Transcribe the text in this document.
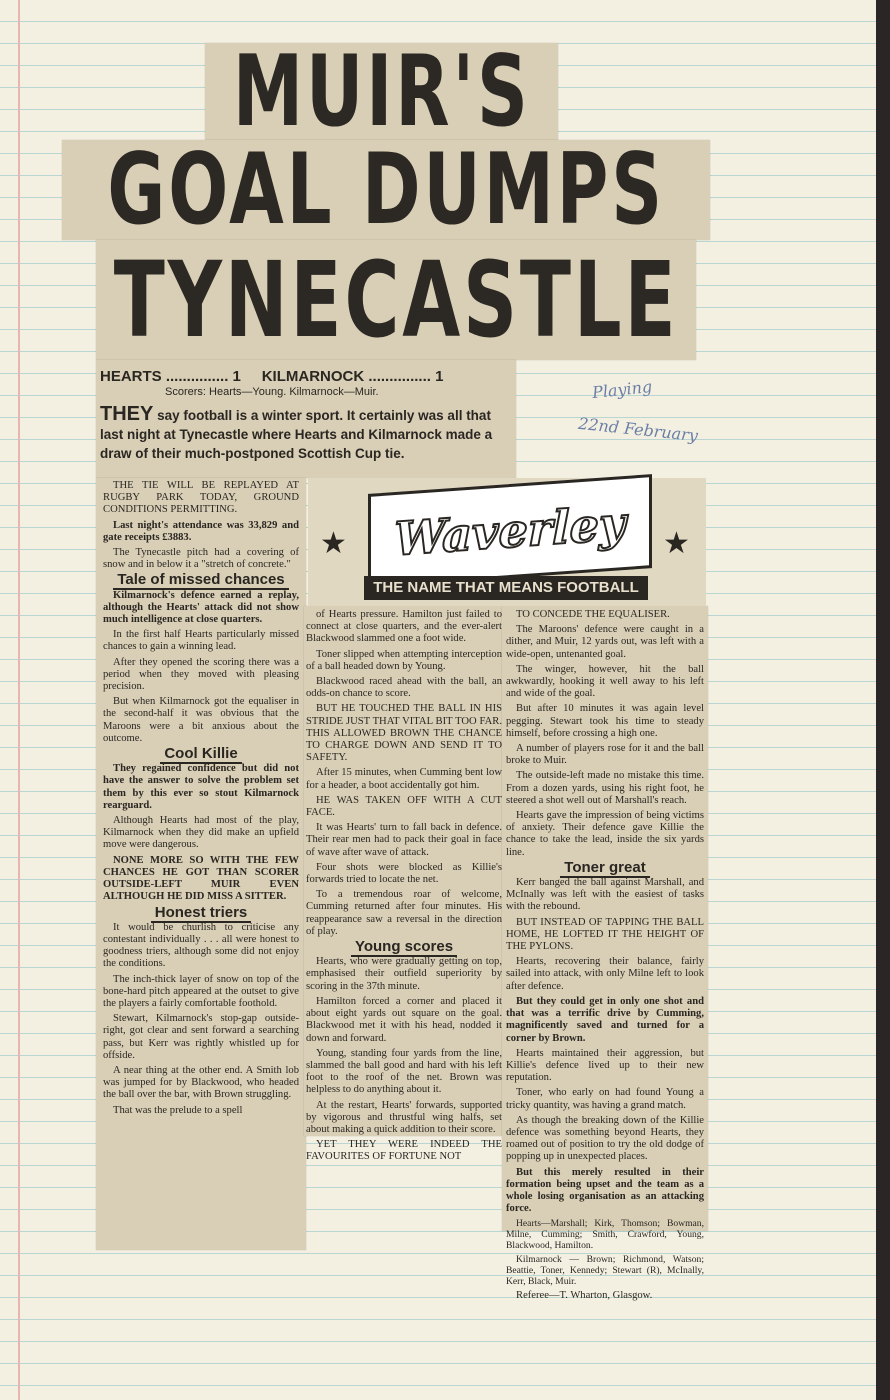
MUIR'S
GOAL DUMPS
TYNECASTLE
HEARTS ............... 1 KILMARNOCK ............... 1
Scorers: Hearts—Young. Kilmarnock—Muir.
THEY say football is a winter sport. It certainly was all that last night at Tynecastle where Hearts and Kilmarnock made a draw of their much-postponed Scottish Cup tie.
Playing
22nd February
★ Waverley
THE NAME THAT MEANS FOOTBALL
★

THE TIE WILL BE REPLAYED AT RUGBY PARK TODAY, GROUND CONDITIONS PERMITTING.

Last night's attendance was 33,829 and gate receipts £3883.

The Tynecastle pitch had a covering of snow and in below it a "stretch of concrete."

Tale of missed chances

Kilmarnock's defence earned a replay, although the Hearts' attack did not show much intelligence at close quarters.

In the first half Hearts particularly missed chances to gain a winning lead.

After they opened the scoring there was a period when they moved with pleasing precision.

But when Kilmarnock got the equaliser in the second-half it was obvious that the Maroons were a bit anxious about the outcome.

Cool Killie

They regained confidence but did not have the answer to solve the problem set them by this ever so stout Kilmarnock rearguard.

Although Hearts had most of the play, Kilmarnock when they did make an upfield move were dangerous.

NONE MORE SO WITH THE FEW CHANCES HE GOT THAN SCORER OUTSIDE-LEFT MUIR EVEN ALTHOUGH HE DID MISS A SITTER.

Honest triers

It would be churlish to criticise any contestant individually . . . all were honest to goodness triers, although some did not enjoy the conditions.

The inch-thick layer of snow on top of the bone-hard pitch appeared at the outset to give the players a fairly comfortable foothold.

Stewart, Kilmarnock's stop-gap outside-right, got clear and sent forward a searching pass, but Kerr was rightly whistled up for offside.

A near thing at the other end. A Smith lob was jumped for by Blackwood, who headed the ball over the bar, with Brown struggling.

That was the prelude to a spell

of Hearts pressure. Hamilton just failed to connect at close quarters, and the ever-alert Blackwood slammed one a foot wide.

Toner slipped when attempting interception of a ball headed down by Young.

Blackwood raced ahead with the ball, an odds-on chance to score.

BUT HE TOUCHED THE BALL IN HIS STRIDE JUST THAT VITAL BIT TOO FAR. THIS ALLOWED BROWN THE CHANCE TO CHARGE DOWN AND SEND IT TO SAFETY.

After 15 minutes, when Cumming bent low for a header, a boot accidentally got him.

HE WAS TAKEN OFF WITH A CUT FACE.

It was Hearts' turn to fall back in defence. Their rear men had to pack their goal in face of wave after wave of attack.

Four shots were blocked as Killie's forwards tried to locate the net.

To a tremendous roar of welcome, Cumming returned after four minutes. His reappearance saw a reversal in the direction of play.

Young scores

Hearts, who were gradually getting on top, emphasised their outfield superiority by scoring in the 37th minute.

Hamilton forced a corner and placed it about eight yards out square on the goal. Blackwood met it with his head, nodded it down and forward.

Young, standing four yards from the line, slammed the ball good and hard with his left foot to the roof of the net. Brown was helpless to do anything about it.

At the restart, Hearts' forwards, supported by vigorous and thrustful wing halfs, set about making a quick addition to their score.

YET THEY WERE INDEED THE FAVOURITES OF FORTUNE NOT

TO CONCEDE THE EQUALISER.

The Maroons' defence were caught in a dither, and Muir, 12 yards out, was left with a wide-open, untenanted goal.

The winger, however, hit the ball awkwardly, hooking it well away to his left and wide of the goal.

But after 10 minutes it was again level pegging. Stewart took his time to steady himself, before crossing a high one.

A number of players rose for it and the ball broke to Muir.

The outside-left made no mistake this time. From a dozen yards, using his right foot, he steered a shot well out of Marshall's reach.

Hearts gave the impression of being victims of anxiety. Their defence gave Killie the chance to take the lead, inside the six yards line.

Toner great

Kerr banged the ball against Marshall, and McInally was left with the easiest of tasks with the rebound.

BUT INSTEAD OF TAPPING THE BALL HOME, HE LOFTED IT THE HEIGHT OF THE PYLONS.

Hearts, recovering their balance, fairly sailed into attack, with only Milne left to look after defence.

But they could get in only one shot and that was a terrific drive by Cumming, magnificently saved and turned for a corner by Brown.

Hearts maintained their aggression, but Killie's defence lived up to their new reputation.

Toner, who early on had found Young a tricky quantity, was having a grand match.

As though the breaking down of the Killie defence was something beyond Hearts, they roamed out of position to try the old dodge of popping up in unexpected places.

But this merely resulted in their formation being upset and the team as a whole losing organisation as an attacking force.

Hearts—Marshall; Kirk, Thomson; Bowman, Milne, Cumming; Smith, Crawford, Young, Blackwood, Hamilton.

Kilmarnock — Brown; Richmond, Watson; Beattie, Toner, Kennedy; Stewart (R), McInally, Kerr, Black, Muir.

Referee—T. Wharton, Glasgow.
